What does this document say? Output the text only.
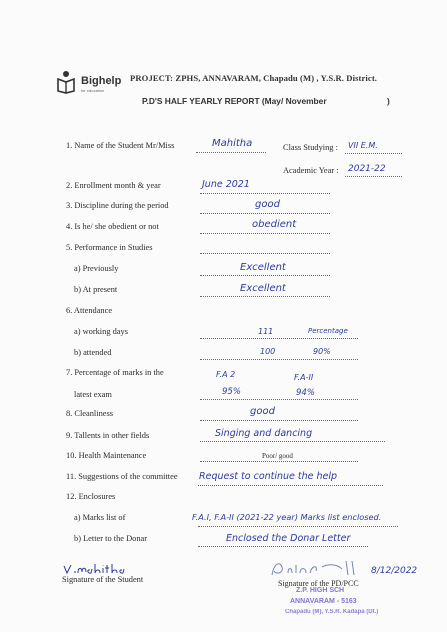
Bighelp
for education
PROJECT: ZPHS, ANNAVARAM, Chapadu (M) , Y.S.R. District.
P.D'S HALF YEARLY REPORT (May/ November	)
1. Name of the Student Mr/Miss	Mahitha	Class Studying : VII E.M.
Academic Year : 2021-22
2. Enrollment month & year	June 2021
3. Discipline during the period	good
4. Is he/ she obedient or not	obedient
5. Performance in Studies
a) Previously	Excellent
b) At present	Excellent
6. Attendance
a) working days	111	Percentage
b) attended	100	90%
7. Percentage of marks in the
latest exam
F.A 2	F.A-II
95%	94%
8. Cleanliness	good
9. Tallents in other fields	Singing and dancing
10. Health Maintenance	Poor/ good
11. Suggestions of the committee Request to continue the help
12. Enclosures
a) Marks list of	F.A.I, F.A-II (2021-22 year) Marks list enclosed.
b) Letter to the Donar	Enclosed the Donar Letter
Signature of the Student
8/12/2022
Signature of the PD/PCC
Z.P. HIGH SCH
ANNAVARAM - 5163
Chapadu (M), Y.S.R. Kadapa (Dt.)
